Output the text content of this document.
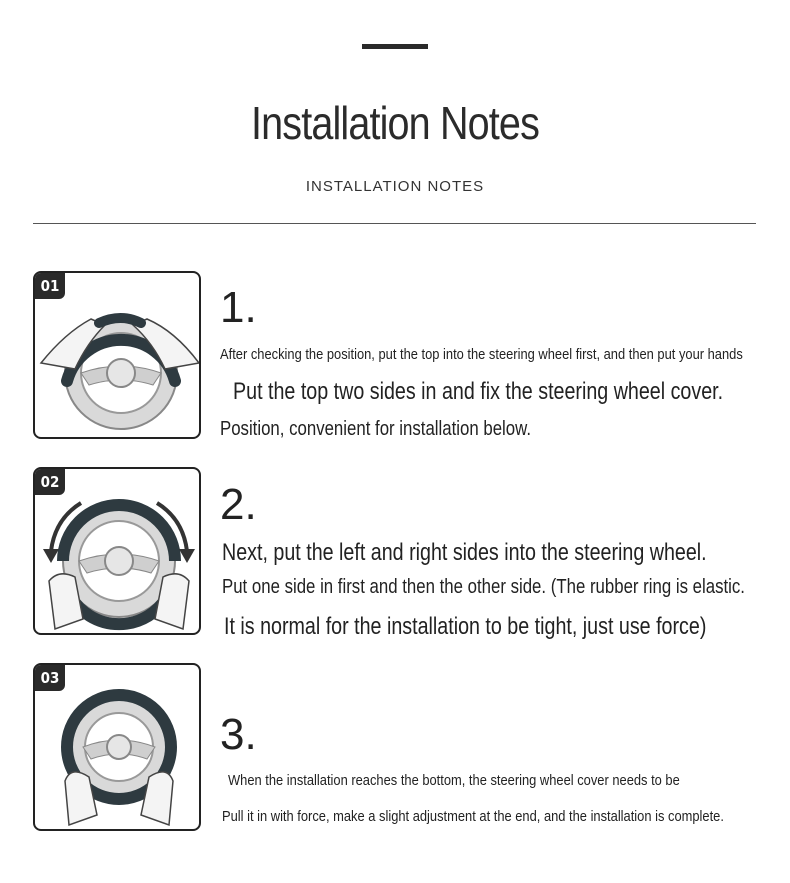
Installation Notes
INSTALLATION NOTES
01	1.
After checking the position, put the top into the steering wheel first, and then put your hands
Put the top two sides in and fix the steering wheel cover.
Position, convenient for installation below.
02	2.
Next, put the left and right sides into the steering wheel.
Put one side in first and then the other side. (The rubber ring is elastic.
It is normal for the installation to be tight, just use force)
03
3.
When the installation reaches the bottom, the steering wheel cover needs to be
Pull it in with force, make a slight adjustment at the end, and the installation is complete.
